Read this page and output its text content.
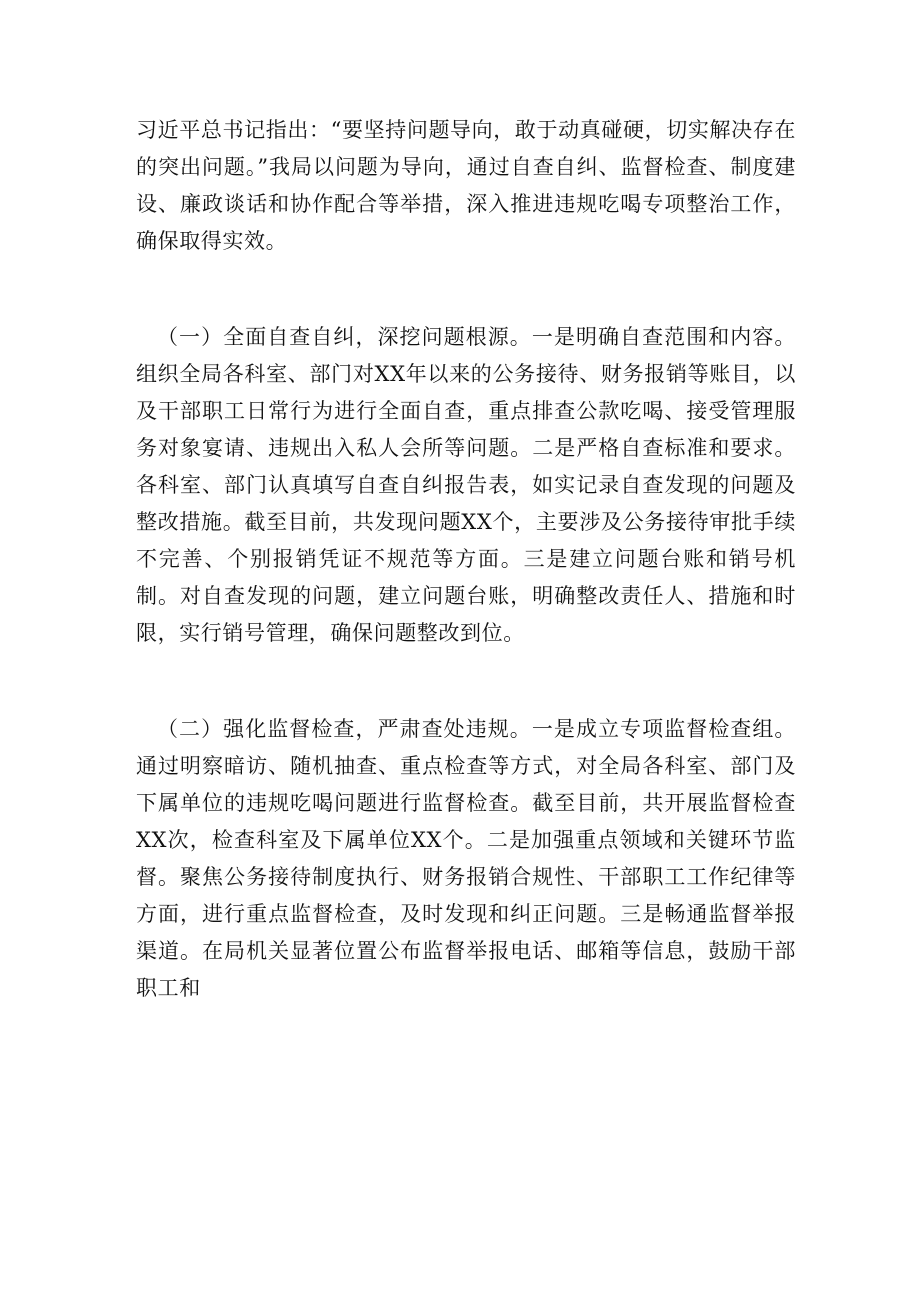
习近平总书记指出：“要坚持问题导向，敢于动真碰硬，切实解决存在的突出问题。”我局以问题为导向，通过自查自纠、监督检查、制度建设、廉政谈话和协作配合等举措，深入推进违规吃喝专项整治工作，确保取得实效。

（一）全面自查自纠，深挖问题根源。一是明确自查范围和内容。组织全局各科室、部门对XX年以来的公务接待、财务报销等账目，以及干部职工日常行为进行全面自查，重点排查公款吃喝、接受管理服务对象宴请、违规出入私人会所等问题。二是严格自查标准和要求。各科室、部门认真填写自查自纠报告表，如实记录自查发现的问题及整改措施。截至目前，共发现问题XX个，主要涉及公务接待审批手续不完善、个别报销凭证不规范等方面。三是建立问题台账和销号机制。对自查发现的问题，建立问题台账，明确整改责任人、措施和时限，实行销号管理，确保问题整改到位。

（二）强化监督检查，严肃查处违规。一是成立专项监督检查组。通过明察暗访、随机抽查、重点检查等方式，对全局各科室、部门及下属单位的违规吃喝问题进行监督检查。截至目前，共开展监督检查XX次，检查科室及下属单位XX个。二是加强重点领域和关键环节监督。聚焦公务接待制度执行、财务报销合规性、干部职工工作纪律等方面，进行重点监督检查，及时发现和纠正问题。三是畅通监督举报渠道。在局机关显著位置公布监督举报电话、邮箱等信息，鼓励干部职工和
